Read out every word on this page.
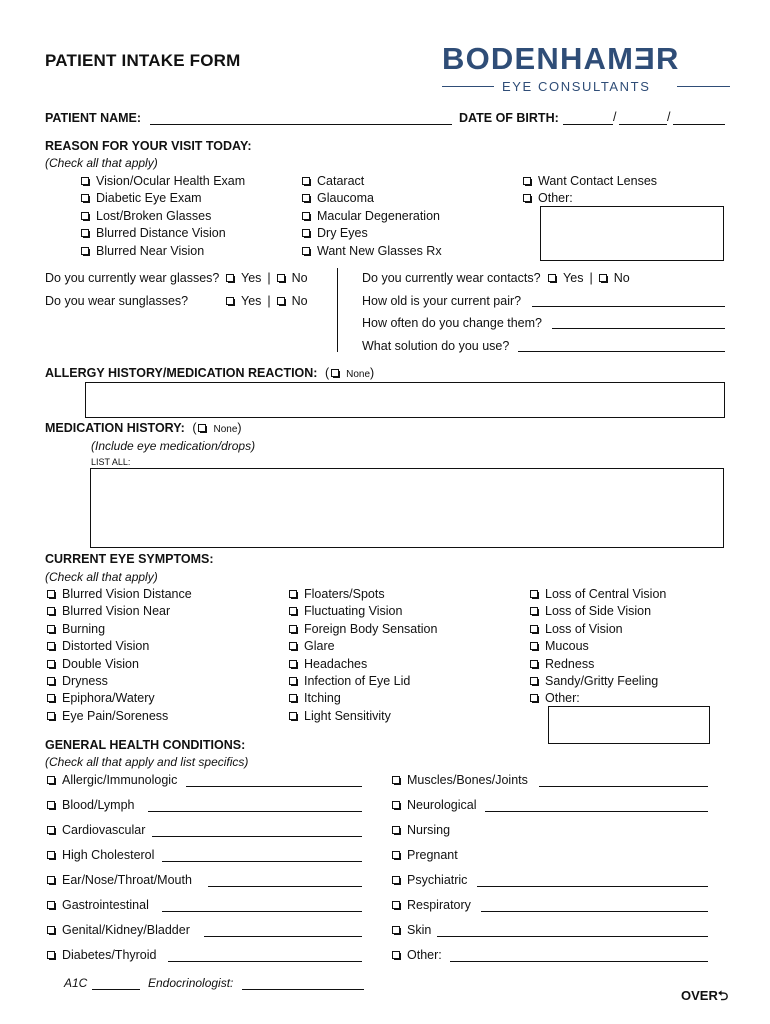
PATIENT INTAKE FORM	BODENHAMƎR
EYE CONSULTANTS
PATIENT NAME:	DATE OF BIRTH:	/	/
REASON FOR YOUR VISIT TODAY:
(Check all that apply)
Vision/Ocular Health Exam
Diabetic Eye Exam
Lost/Broken Glasses
Blurred Distance Vision
Blurred Near Vision
Cataract
Glaucoma
Macular Degeneration
Dry Eyes
Want New Glasses Rx
Want Contact Lenses
Other:
Do you currently wear glasses?	Yes | No
Do you wear sunglasses?	Yes | No
Do you currently wear contacts? Yes | No
How old is your current pair?
How often do you change them?
What solution do you use?
ALLERGY HISTORY/MEDICATION REACTION: ( None)
MEDICATION HISTORY: ( None)
(Include eye medication/drops)
LIST ALL:
CURRENT EYE SYMPTOMS:
(Check all that apply)
Blurred Vision Distance
Blurred Vision Near
Burning
Distorted Vision
Double Vision
Dryness
Epiphora/Watery
Eye Pain/Soreness
Floaters/Spots
Fluctuating Vision
Foreign Body Sensation
Glare
Headaches
Infection of Eye Lid
Itching
Light Sensitivity
Loss of Central Vision
Loss of Side Vision
Loss of Vision
Mucous
Redness
Sandy/Gritty Feeling
Other:
GENERAL HEALTH CONDITIONS:
(Check all that apply and list specifics)
Allergic/Immunologic
Blood/Lymph
Cardiovascular
High Cholesterol
Ear/Nose/Throat/Mouth
Gastrointestinal
Genital/Kidney/Bladder
Diabetes/Thyroid
Muscles/Bones/Joints
Neurological
Nursing
Pregnant
Psychiatric
Respiratory
Skin
Other:
A1C	Endocrinologist:
OVER⮌
